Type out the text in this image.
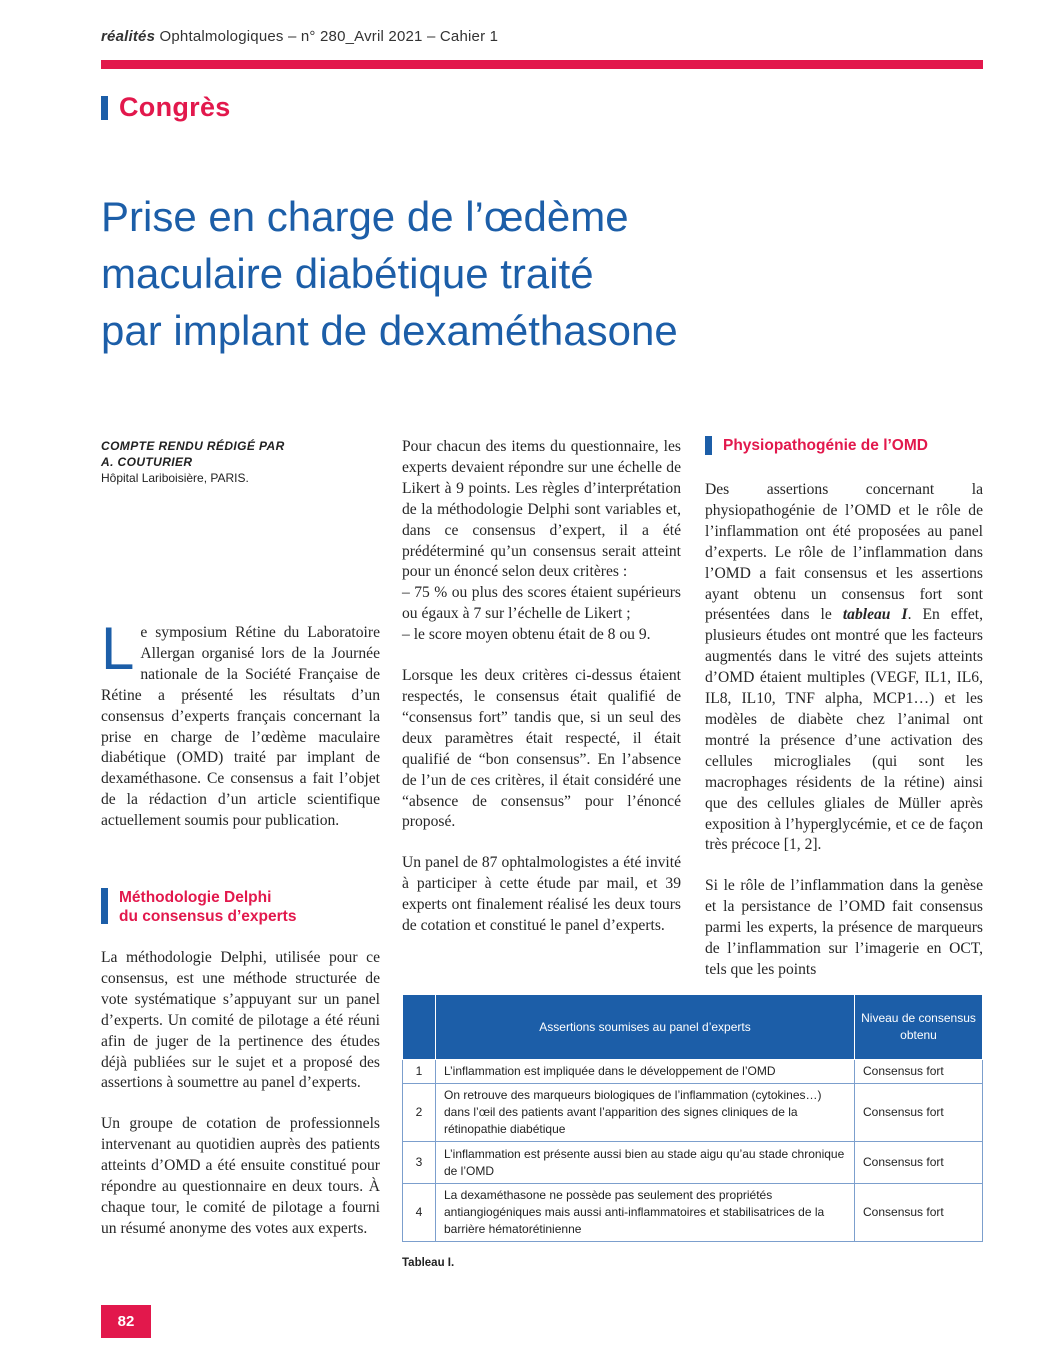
réalités Ophtalmologiques – n° 280_Avril 2021 – Cahier 1
Congrès
Prise en charge de l’œdème
maculaire diabétique traité
par implant de dexaméthasone
COMPTE RENDU RÉDIGÉ PAR
A. COUTURIER
Hôpital Lariboisière, PARIS.

Le symposium Rétine du Laboratoire Allergan organisé lors de la Journée nationale de la Société Française de Rétine a présenté les résultats d’un consensus d’experts français concernant la prise en charge de l’œdème maculaire diabétique (OMD) traité par implant de dexaméthasone. Ce consensus a fait l’objet de la rédaction d’un article scientifique actuellement soumis pour publication.

Méthodologie Delphi
du consensus d’experts

La méthodologie Delphi, utilisée pour ce consensus, est une méthode structurée de vote systématique s’appuyant sur un panel d’experts. Un comité de pilotage a été réuni afin de juger de la pertinence des études déjà publiées sur le sujet et a proposé des assertions à soumettre au panel d’experts.

Un groupe de cotation de professionnels intervenant au quotidien auprès des patients atteints d’OMD a été ensuite constitué pour répondre au questionnaire en deux tours. À chaque tour, le comité de pilotage a fourni un résumé anonyme des votes aux experts.

Pour chacun des items du questionnaire, les experts devaient répondre sur une échelle de Likert à 9 points. Les règles d’interprétation de la méthodologie Delphi sont variables et, dans ce consensus d’expert, il a été prédéterminé qu’un consensus serait atteint pour un énoncé selon deux critères :

– 75 % ou plus des scores étaient supérieurs ou égaux à 7 sur l’échelle de Likert ;

– le score moyen obtenu était de 8 ou 9.

Lorsque les deux critères ci-dessus étaient respectés, le consensus était qualifié de “consensus fort” tandis que, si un seul des deux paramètres était respecté, il était qualifié de “bon consensus”. En l’absence de l’un de ces critères, il était considéré une “absence de consensus” pour l’énoncé proposé.

Un panel de 87 ophtalmologistes a été invité à participer à cette étude par mail, et 39 experts ont finalement réalisé les deux tours de cotation et constitué le panel d’experts.

Physiopathogénie de l’OMD

Des assertions concernant la physiopathogénie de l’OMD et le rôle de l’inflammation ont été proposées au panel d’experts. Le rôle de l’inflammation dans l’OMD a fait consensus et les assertions ayant obtenu un consensus fort sont présentées dans le tableau I. En effet, plusieurs études ont montré que les facteurs augmentés dans le vitré des sujets atteints d’OMD étaient multiples (VEGF, IL1, IL6, IL8, IL10, TNF alpha, MCP1…) et les modèles de diabète chez l’animal ont montré la présence d’une activation des cellules microgliales (qui sont les macrophages résidents de la rétine) ainsi que des cellules gliales de Müller après exposition à l’hyperglycémie, et ce de façon très précoce [1, 2].

Si le rôle de l’inflammation dans la genèse et la persistance de l’OMD fait consensus parmi les experts, la présence de marqueurs de l’inflammation sur l’imagerie en OCT, tels que les points

	Assertions soumises au panel d’experts	Niveau de consensus obtenu
1	L’inflammation est impliquée dans le développement de l’OMD	Consensus fort
2	On retrouve des marqueurs biologiques de l’inflammation (cytokines…) dans l’œil des patients avant l’apparition des signes cliniques de la rétinopathie diabétique	Consensus fort
3	L’inflammation est présente aussi bien au stade aigu qu’au stade chronique de l’OMD	Consensus fort
4	La dexaméthasone ne possède pas seulement des propriétés antiangiogéniques mais aussi anti-inflammatoires et stabilisatrices de la barrière hématorétinienne	Consensus fort
Tableau I.
82
